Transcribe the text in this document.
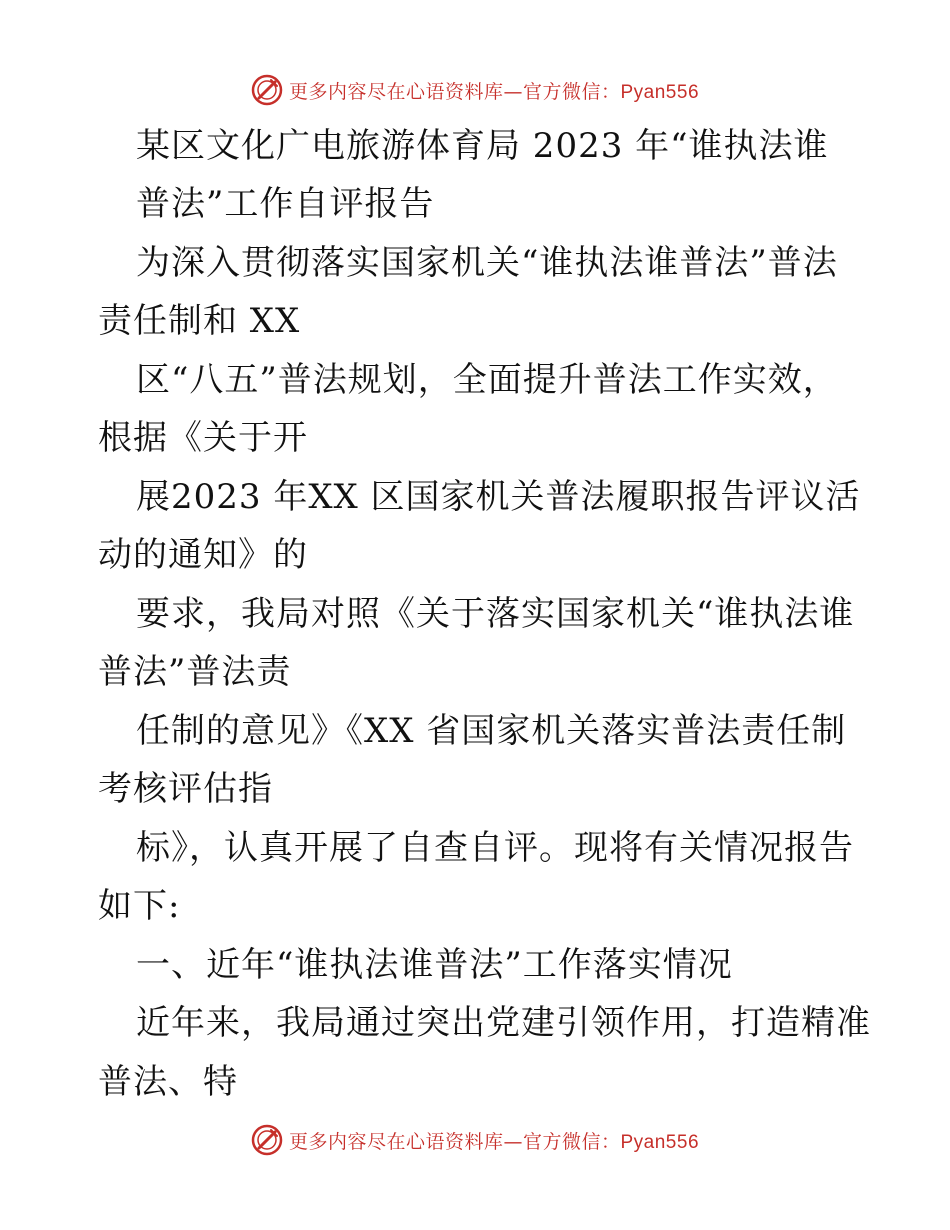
更多内容尽在心语资料库—官方微信：Pyan556
某区文化广电旅游体育局 2023 年“谁执法谁
普法”工作自评报告
为深入贯彻落实国家机关“谁执法谁普法”普法
责任制和 XX
区“八五”普法规划，全面提升普法工作实效，
根据《关于开
展2023 年XX 区国家机关普法履职报告评议活
动的通知》的
要求，我局对照《关于落实国家机关“谁执法谁
普法”普法责
任制的意见》《XX 省国家机关落实普法责任制
考核评估指
标》，认真开展了自查自评。现将有关情况报告
如下:
一、近年“谁执法谁普法”工作落实情况
近年来，我局通过突出党建引领作用，打造精准
普法、特
更多内容尽在心语资料库—官方微信：Pyan556
